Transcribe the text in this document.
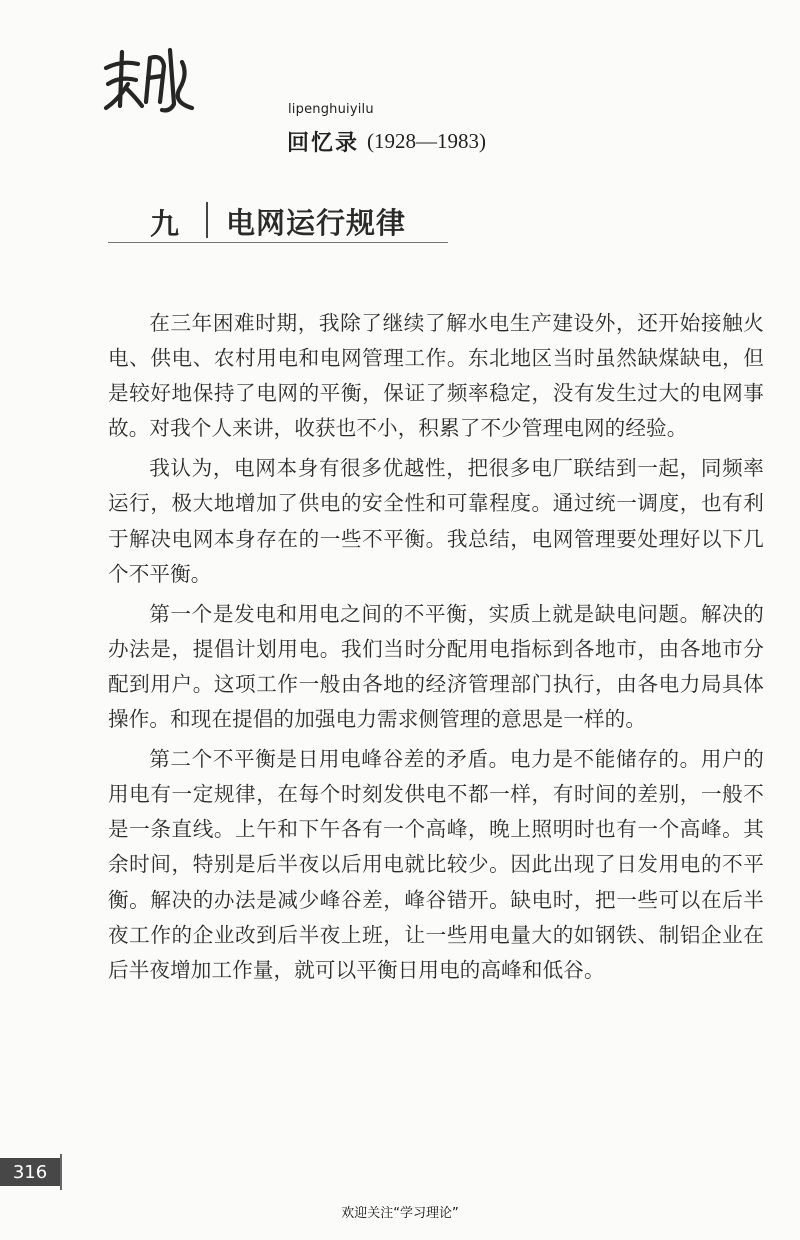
lipenghuiyilu
回忆录 (1928—1983)
九 电网运行规律

在三年困难时期，我除了继续了解水电生产建设外，还开始接触火电、供电、农村用电和电网管理工作。东北地区当时虽然缺煤缺电，但是较好地保持了电网的平衡，保证了频率稳定，没有发生过大的电网事故。对我个人来讲，收获也不小，积累了不少管理电网的经验。

我认为，电网本身有很多优越性，把很多电厂联结到一起，同频率运行，极大地增加了供电的安全性和可靠程度。通过统一调度，也有利于解决电网本身存在的一些不平衡。我总结，电网管理要处理好以下几个不平衡。

第一个是发电和用电之间的不平衡，实质上就是缺电问题。解决的办法是，提倡计划用电。我们当时分配用电指标到各地市，由各地市分配到用户。这项工作一般由各地的经济管理部门执行，由各电力局具体操作。和现在提倡的加强电力需求侧管理的意思是一样的。

第二个不平衡是日用电峰谷差的矛盾。电力是不能储存的。用户的用电有一定规律，在每个时刻发供电不都一样，有时间的差别，一般不是一条直线。上午和下午各有一个高峰，晚上照明时也有一个高峰。其余时间，特别是后半夜以后用电就比较少。因此出现了日发用电的不平衡。解决的办法是减少峰谷差，峰谷错开。缺电时，把一些可以在后半夜工作的企业改到后半夜上班，让一些用电量大的如钢铁、制铝企业在后半夜增加工作量，就可以平衡日用电的高峰和低谷。

316
欢迎关注“学习理论”
